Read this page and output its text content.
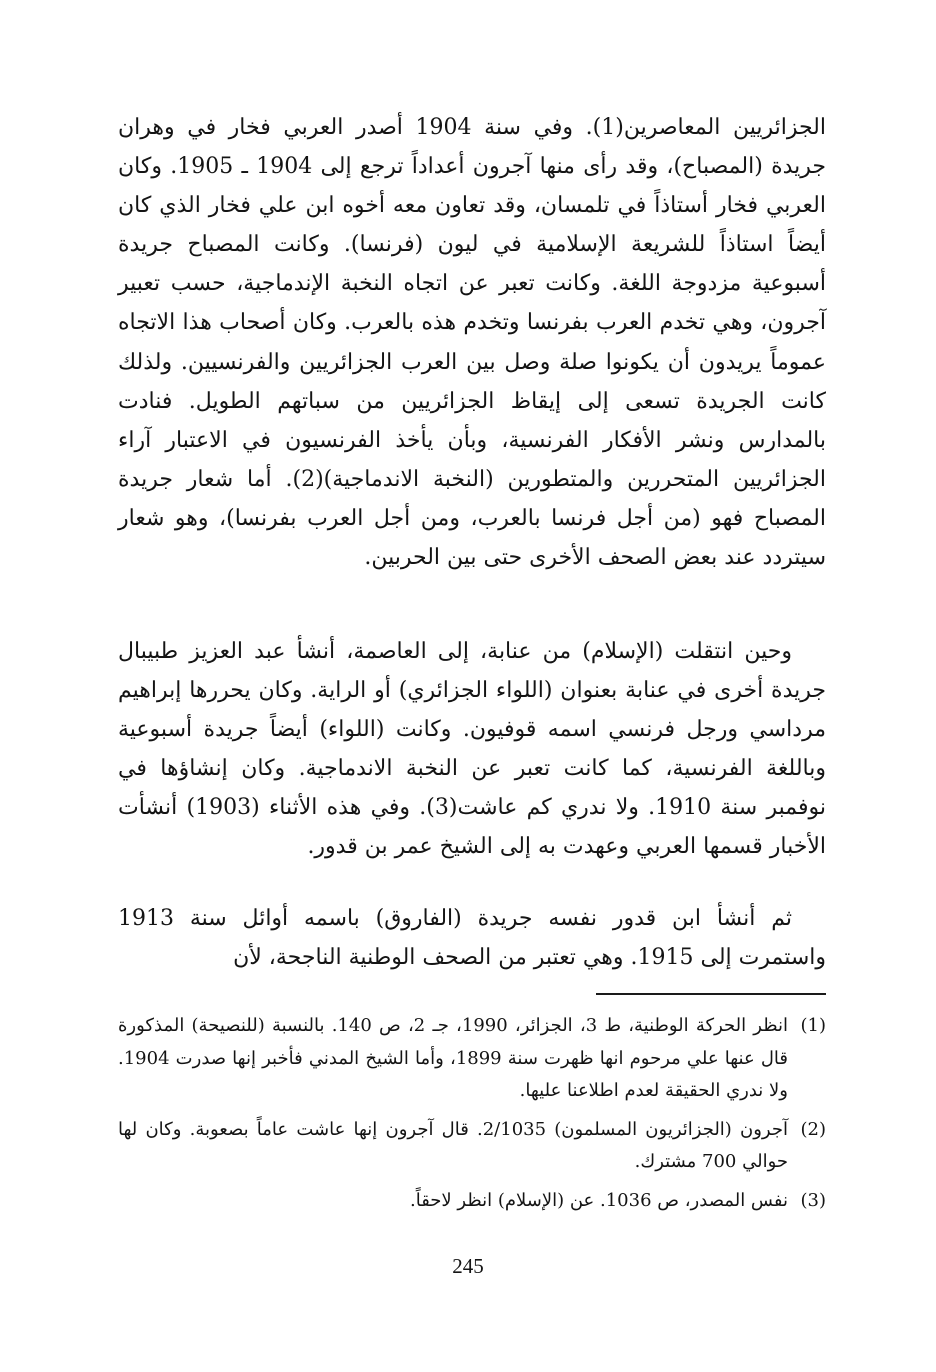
الجزائريين المعاصرين(1). وفي سنة 1904 أصدر العربي فخار في وهران جريدة (المصباح)، وقد رأى منها آجرون أعداداً ترجع إلى 1904 ـ 1905. وكان العربي فخار أستاذاً في تلمسان، وقد تعاون معه أخوه ابن علي فخار الذي كان أيضاً استاذاً للشريعة الإسلامية في ليون (فرنسا). وكانت المصباح جريدة أسبوعية مزدوجة اللغة. وكانت تعبر عن اتجاه النخبة الإندماجية، حسب تعبير آجرون، وهي تخدم العرب بفرنسا وتخدم هذه بالعرب. وكان أصحاب هذا الاتجاه عموماً يريدون أن يكونوا صلة وصل بين العرب الجزائريين والفرنسيين. ولذلك كانت الجريدة تسعى إلى إيقاظ الجزائريين من سباتهم الطويل. فنادت بالمدارس ونشر الأفكار الفرنسية، وبأن يأخذ الفرنسيون في الاعتبار آراء الجزائريين المتحررين والمتطورين (النخبة الاندماجية)(2). أما شعار جريدة المصباح فهو (من أجل فرنسا بالعرب، ومن أجل العرب بفرنسا)، وهو شعار سيتردد عند بعض الصحف الأخرى حتى بين الحربين.

وحين انتقلت (الإسلام) من عنابة، إلى العاصمة، أنشأ عبد العزيز طبيبال جريدة أخرى في عنابة بعنوان (اللواء الجزائري) أو الراية. وكان يحررها إبراهيم مرداسي ورجل فرنسي اسمه قوفيون. وكانت (اللواء) أيضاً جريدة أسبوعية وباللغة الفرنسية، كما كانت تعبر عن النخبة الاندماجية. وكان إنشاؤها في نوفمبر سنة 1910. ولا ندري كم عاشت(3). وفي هذه الأثناء (1903) أنشأت الأخبار قسمها العربي وعهدت به إلى الشيخ عمر بن قدور.

ثم أنشأ ابن قدور نفسه جريدة (الفاروق) باسمه أوائل سنة 1913 واستمرت إلى 1915. وهي تعتبر من الصحف الوطنية الناجحة، لأن

(1)
انظر الحركة الوطنية، ط 3، الجزائر، 1990، جـ 2، ص 140. بالنسبة (للنصيحة) المذكورة قال عنها علي مرحوم انها ظهرت سنة 1899، وأما الشيخ المدني فأخبر إنها صدرت 1904. ولا ندري الحقيقة لعدم اطلاعنا عليها.
(2)
آجرون (الجزائريون المسلمون) 2/1035. قال آجرون إنها عاشت عاماً بصعوبة. وكان لها حوالي 700 مشترك.
(3)
نفس المصدر، ص 1036. عن (الإسلام) انظر لاحقاً.
245
